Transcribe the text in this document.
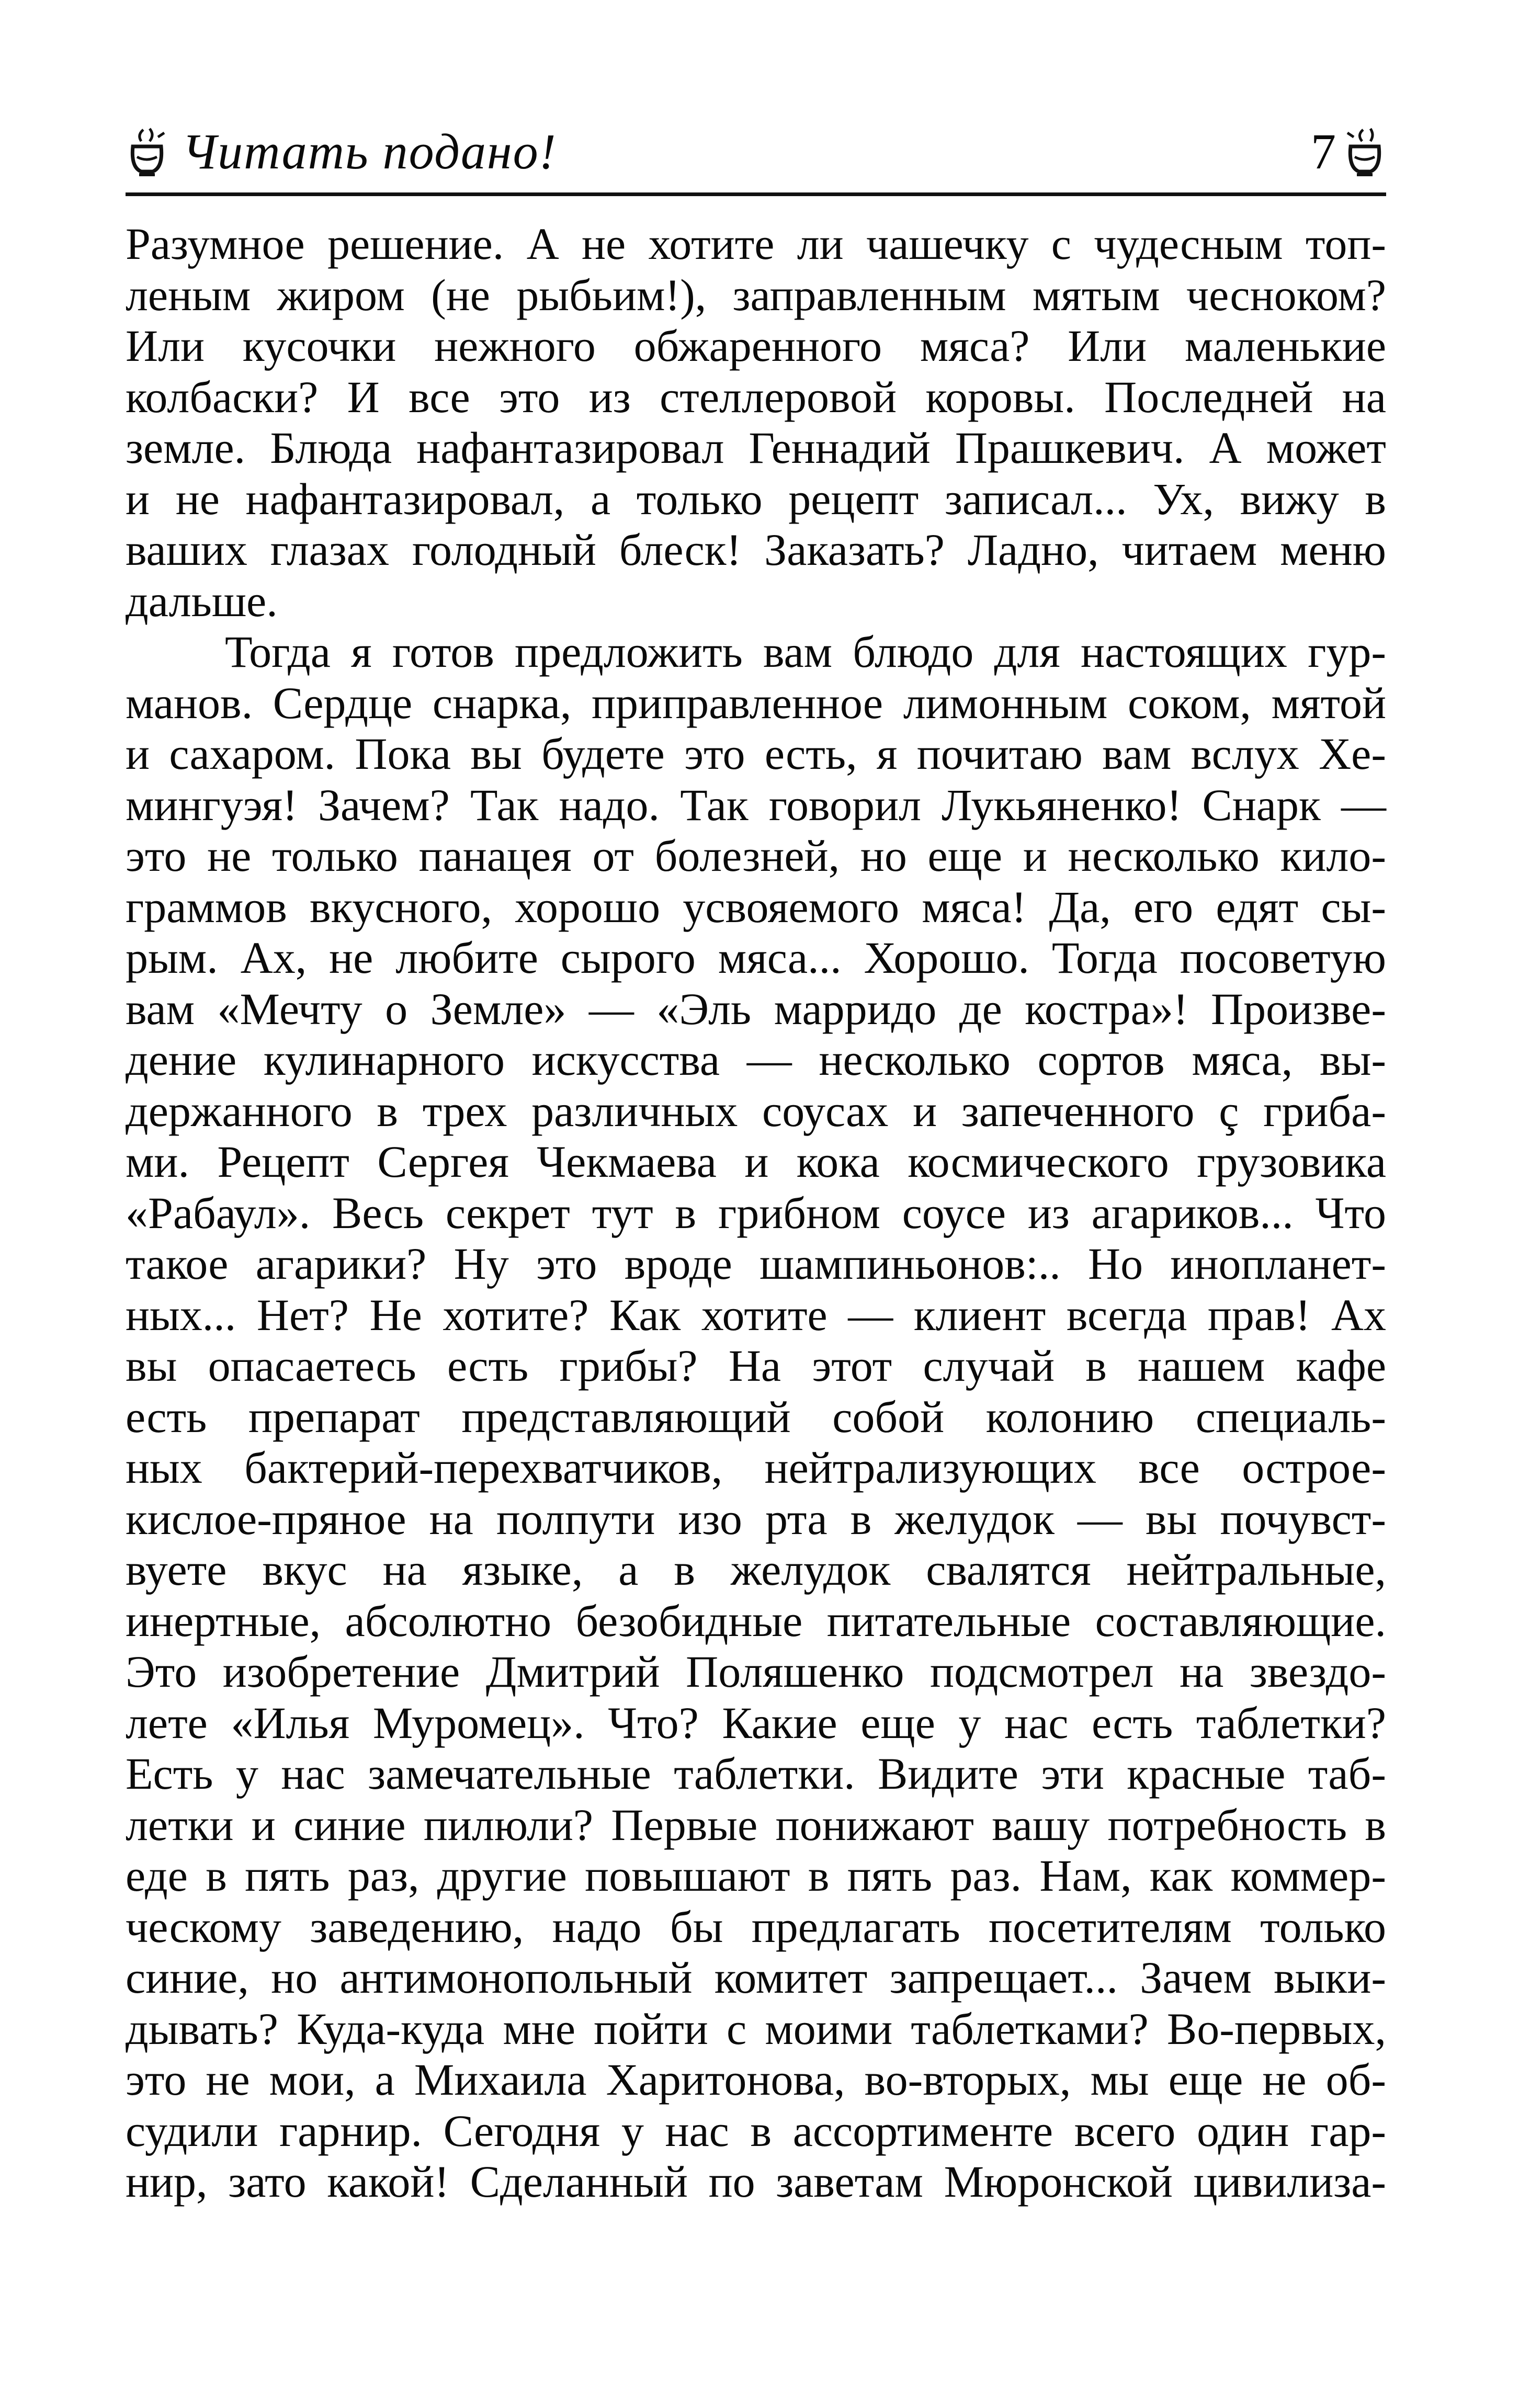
Читать подано!	7
Разумное решение. А не хотите ли чашечку с чудесным топ-
леным жиром (не рыбьим!), заправленным мятым чесноком?
Или кусочки нежного обжаренного мяса? Или маленькие
колбаски? И все это из стеллеровой коровы. Последней на
земле. Блюда нафантазировал Геннадий Прашкевич. А может
и не нафантазировал, а только рецепт записал... Ух, вижу в
ваших глазах голодный блеск! Заказать? Ладно, читаем меню
дальше.
Тогда я готов предложить вам блюдо для настоящих гур-
манов. Сердце снарка, приправленное лимонным соком, мятой
и сахаром. Пока вы будете это есть, я почитаю вам вслух Хе-
мингуэя! Зачем? Так надо. Так говорил Лукьяненко! Снарк —
это не только панацея от болезней, но еще и несколько кило-
граммов вкусного, хорошо усвояемого мяса! Да, его едят сы-
рым. Ах, не любите сырого мяса... Хорошо. Тогда посоветую
вам «Мечту о Земле» — «Эль марридо де костра»! Произве-
дение кулинарного искусства — несколько сортов мяса, вы-
держанного в трех различных соусах и запеченного ç гриба-
ми. Рецепт Сергея Чекмаева и кока космического грузовика
«Рабаул». Весь секрет тут в грибном соусе из агариков... Что
такое агарики? Ну это вроде шампиньонов:.. Но инопланет-
ных... Нет? Не хотите? Как хотите — клиент всегда прав! Ах
вы опасаетесь есть грибы? На этот случай в нашем кафе
есть препарат представляющий собой колонию специаль-
ных бактерий-перехватчиков, нейтрализующих все острое-
кислое-пряное на полпути изо рта в желудок — вы почувст-
вуете вкус на языке, а в желудок свалятся нейтральные,
инертные, абсолютно безобидные питательные составляющие.
Это изобретение Дмитрий Поляшенко подсмотрел на звездо-
лете «Илья Муромец». Что? Какие еще у нас есть таблетки?
Есть у нас замечательные таблетки. Видите эти красные таб-
летки и синие пилюли? Первые понижают вашу потребность в
еде в пять раз, другие повышают в пять раз. Нам, как коммер-
ческому заведению, надо бы предлагать посетителям только
синие, но антимонопольный комитет запрещает... Зачем выки-
дывать? Куда-куда мне пойти с моими таблетками? Во-первых,
это не мои, а Михаила Харитонова, во-вторых, мы еще не об-
судили гарнир. Сегодня у нас в ассортименте всего один гар-
нир, зато какой! Сделанный по заветам Мюронской цивилиза-
